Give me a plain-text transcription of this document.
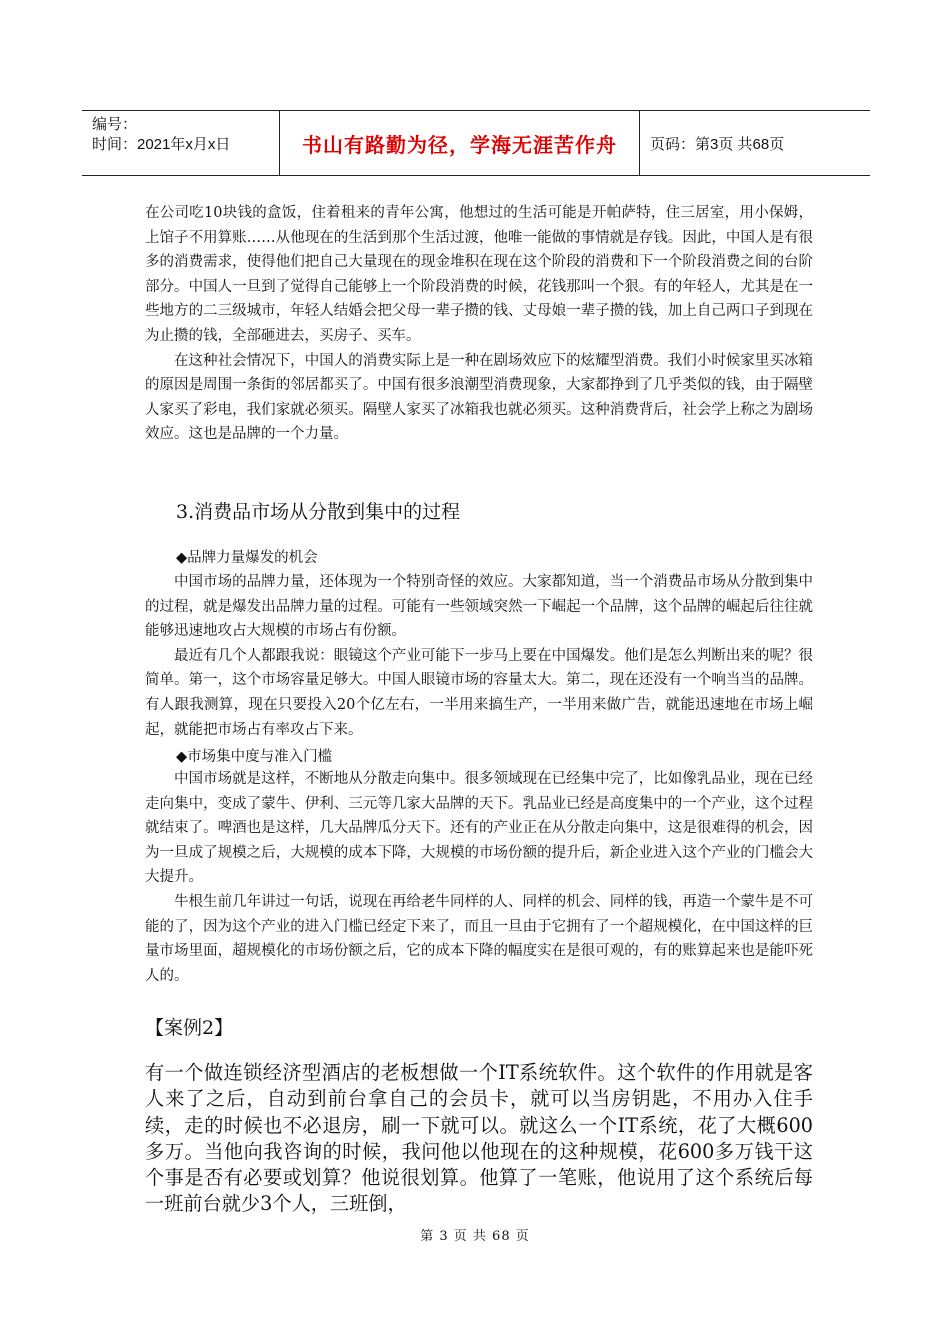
编号：
时间：2021年x月x日	书山有路勤为径，学海无涯苦作舟 页码：第3页 共68页

在公司吃10块钱的盒饭，住着租来的青年公寓，他想过的生活可能是开帕萨特，住三居室，用小保姆，上馆子不用算账……从他现在的生活到那个生活过渡，他唯一能做的事情就是存钱。因此，中国人是有很多的消费需求，使得他们把自己大量现在的现金堆积在现在这个阶段的消费和下一个阶段消费之间的台阶部分。中国人一旦到了觉得自己能够上一个阶段消费的时候，花钱那叫一个狠。有的年轻人，尤其是在一些地方的二三级城市，年轻人结婚会把父母一辈子攒的钱、丈母娘一辈子攒的钱，加上自己两口子到现在为止攒的钱，全部砸进去，买房子、买车。

在这种社会情况下，中国人的消费实际上是一种在剧场效应下的炫耀型消费。我们小时候家里买冰箱的原因是周围一条街的邻居都买了。中国有很多浪潮型消费现象，大家都挣到了几乎类似的钱，由于隔壁人家买了彩电，我们家就必须买。隔壁人家买了冰箱我也就必须买。这种消费背后，社会学上称之为剧场效应。这也是品牌的一个力量。

3.消费品市场从分散到集中的过程

◆品牌力量爆发的机会

中国市场的品牌力量，还体现为一个特别奇怪的效应。大家都知道，当一个消费品市场从分散到集中的过程，就是爆发出品牌力量的过程。可能有一些领域突然一下崛起一个品牌，这个品牌的崛起后往往就能够迅速地攻占大规模的市场占有份额。

最近有几个人都跟我说：眼镜这个产业可能下一步马上要在中国爆发。他们是怎么判断出来的呢？很简单。第一，这个市场容量足够大。中国人眼镜市场的容量太大。第二，现在还没有一个响当当的品牌。有人跟我测算，现在只要投入20个亿左右，一半用来搞生产，一半用来做广告，就能迅速地在市场上崛起，就能把市场占有率攻占下来。

◆市场集中度与准入门槛

中国市场就是这样，不断地从分散走向集中。很多领域现在已经集中完了，比如像乳品业，现在已经走向集中，变成了蒙牛、伊利、三元等几家大品牌的天下。乳品业已经是高度集中的一个产业，这个过程就结束了。啤酒也是这样，几大品牌瓜分天下。还有的产业正在从分散走向集中，这是很难得的机会，因为一旦成了规模之后，大规模的成本下降，大规模的市场份额的提升后，新企业进入这个产业的门槛会大大提升。

牛根生前几年讲过一句话，说现在再给老牛同样的人、同样的机会、同样的钱，再造一个蒙牛是不可能的了，因为这个产业的进入门槛已经定下来了，而且一旦由于它拥有了一个超规模化，在中国这样的巨量市场里面，超规模化的市场份额之后，它的成本下降的幅度实在是很可观的，有的账算起来也是能吓死人的。

【案例2】

有一个做连锁经济型酒店的老板想做一个IT系统软件。这个软件的作用就是客人来了之后，自动到前台拿自己的会员卡，就可以当房钥匙，不用办入住手续，走的时候也不必退房，刷一下就可以。就这么一个IT系统，花了大概600多万。当他向我咨询的时候，我问他以他现在的这种规模，花600多万钱干这个事是否有必要或划算？他说很划算。他算了一笔账，他说用了这个系统后每一班前台就少3个人，三班倒，

第 3 页 共 68 页
